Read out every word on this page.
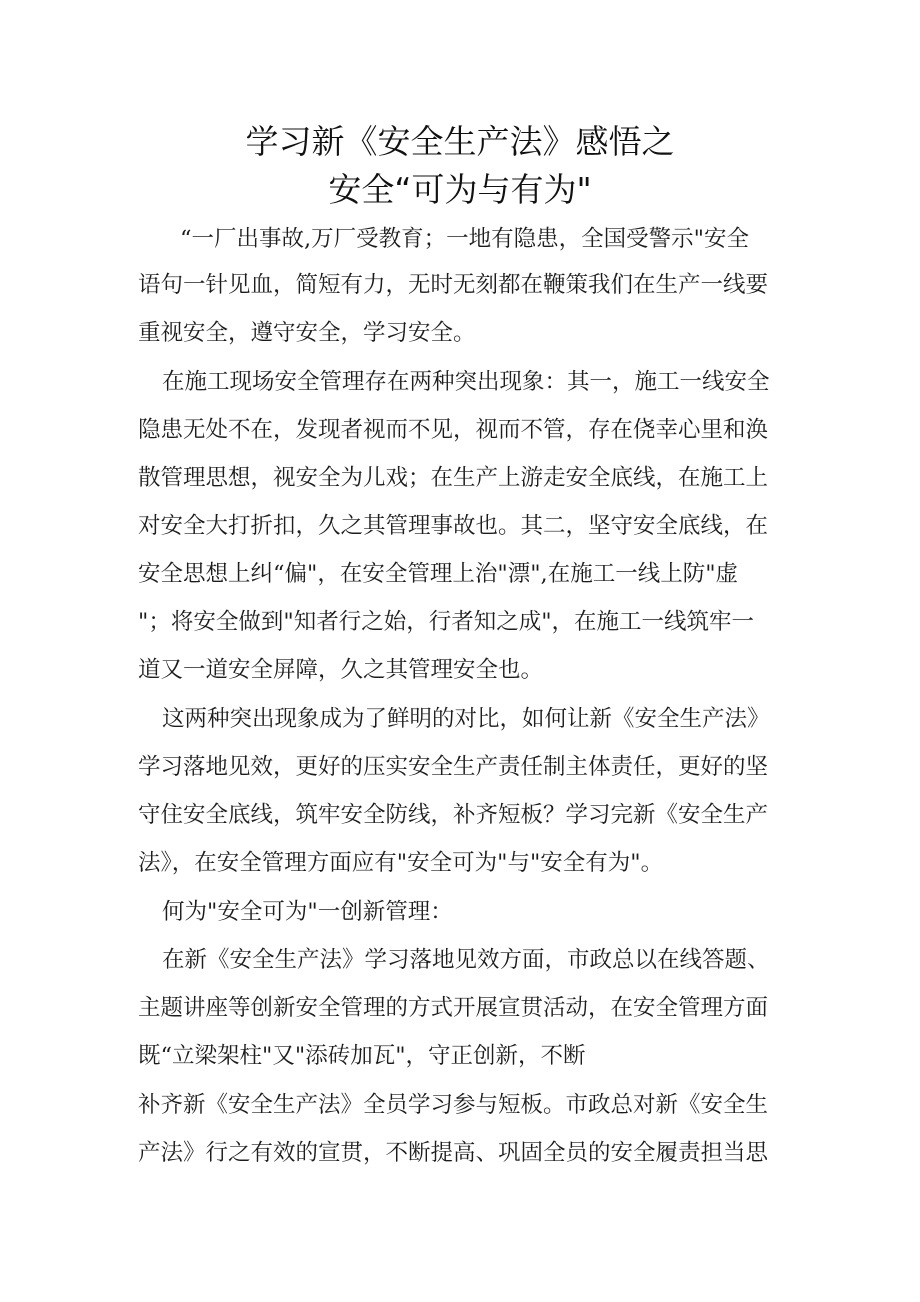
学习新《安全生产法》感悟之
安全“可为与有为"
“一厂出事故,万厂受教育；一地有隐患，全国受警示"安全
语句一针见血，简短有力，无时无刻都在鞭策我们在生产一线要
重视安全，遵守安全，学习安全。
在施工现场安全管理存在两种突出现象：其一，施工一线安全
隐患无处不在，发现者视而不见，视而不管，存在侥幸心里和涣
散管理思想，视安全为儿戏；在生产上游走安全底线，在施工上
对安全大打折扣，久之其管理事故也。其二，坚守安全底线，在
安全思想上纠“偏"，在安全管理上治"漂",在施工一线上防"虚
"；将安全做到"知者行之始，行者知之成"，在施工一线筑牢一
道又一道安全屏障，久之其管理安全也。
这两种突出现象成为了鲜明的对比，如何让新《安全生产法》
学习落地见效，更好的压实安全生产责任制主体责任，更好的坚
守住安全底线，筑牢安全防线，补齐短板？学习完新《安全生产
法》，在安全管理方面应有"安全可为"与"安全有为"。
何为"安全可为"一创新管理：
在新《安全生产法》学习落地见效方面，市政总以在线答题、
主题讲座等创新安全管理的方式开展宣贯活动，在安全管理方面
既“立梁架柱"又"添砖加瓦"，守正创新，不断
补齐新《安全生产法》全员学习参与短板。市政总对新《安全生
产法》行之有效的宣贯，不断提高、巩固全员的安全履责担当思
